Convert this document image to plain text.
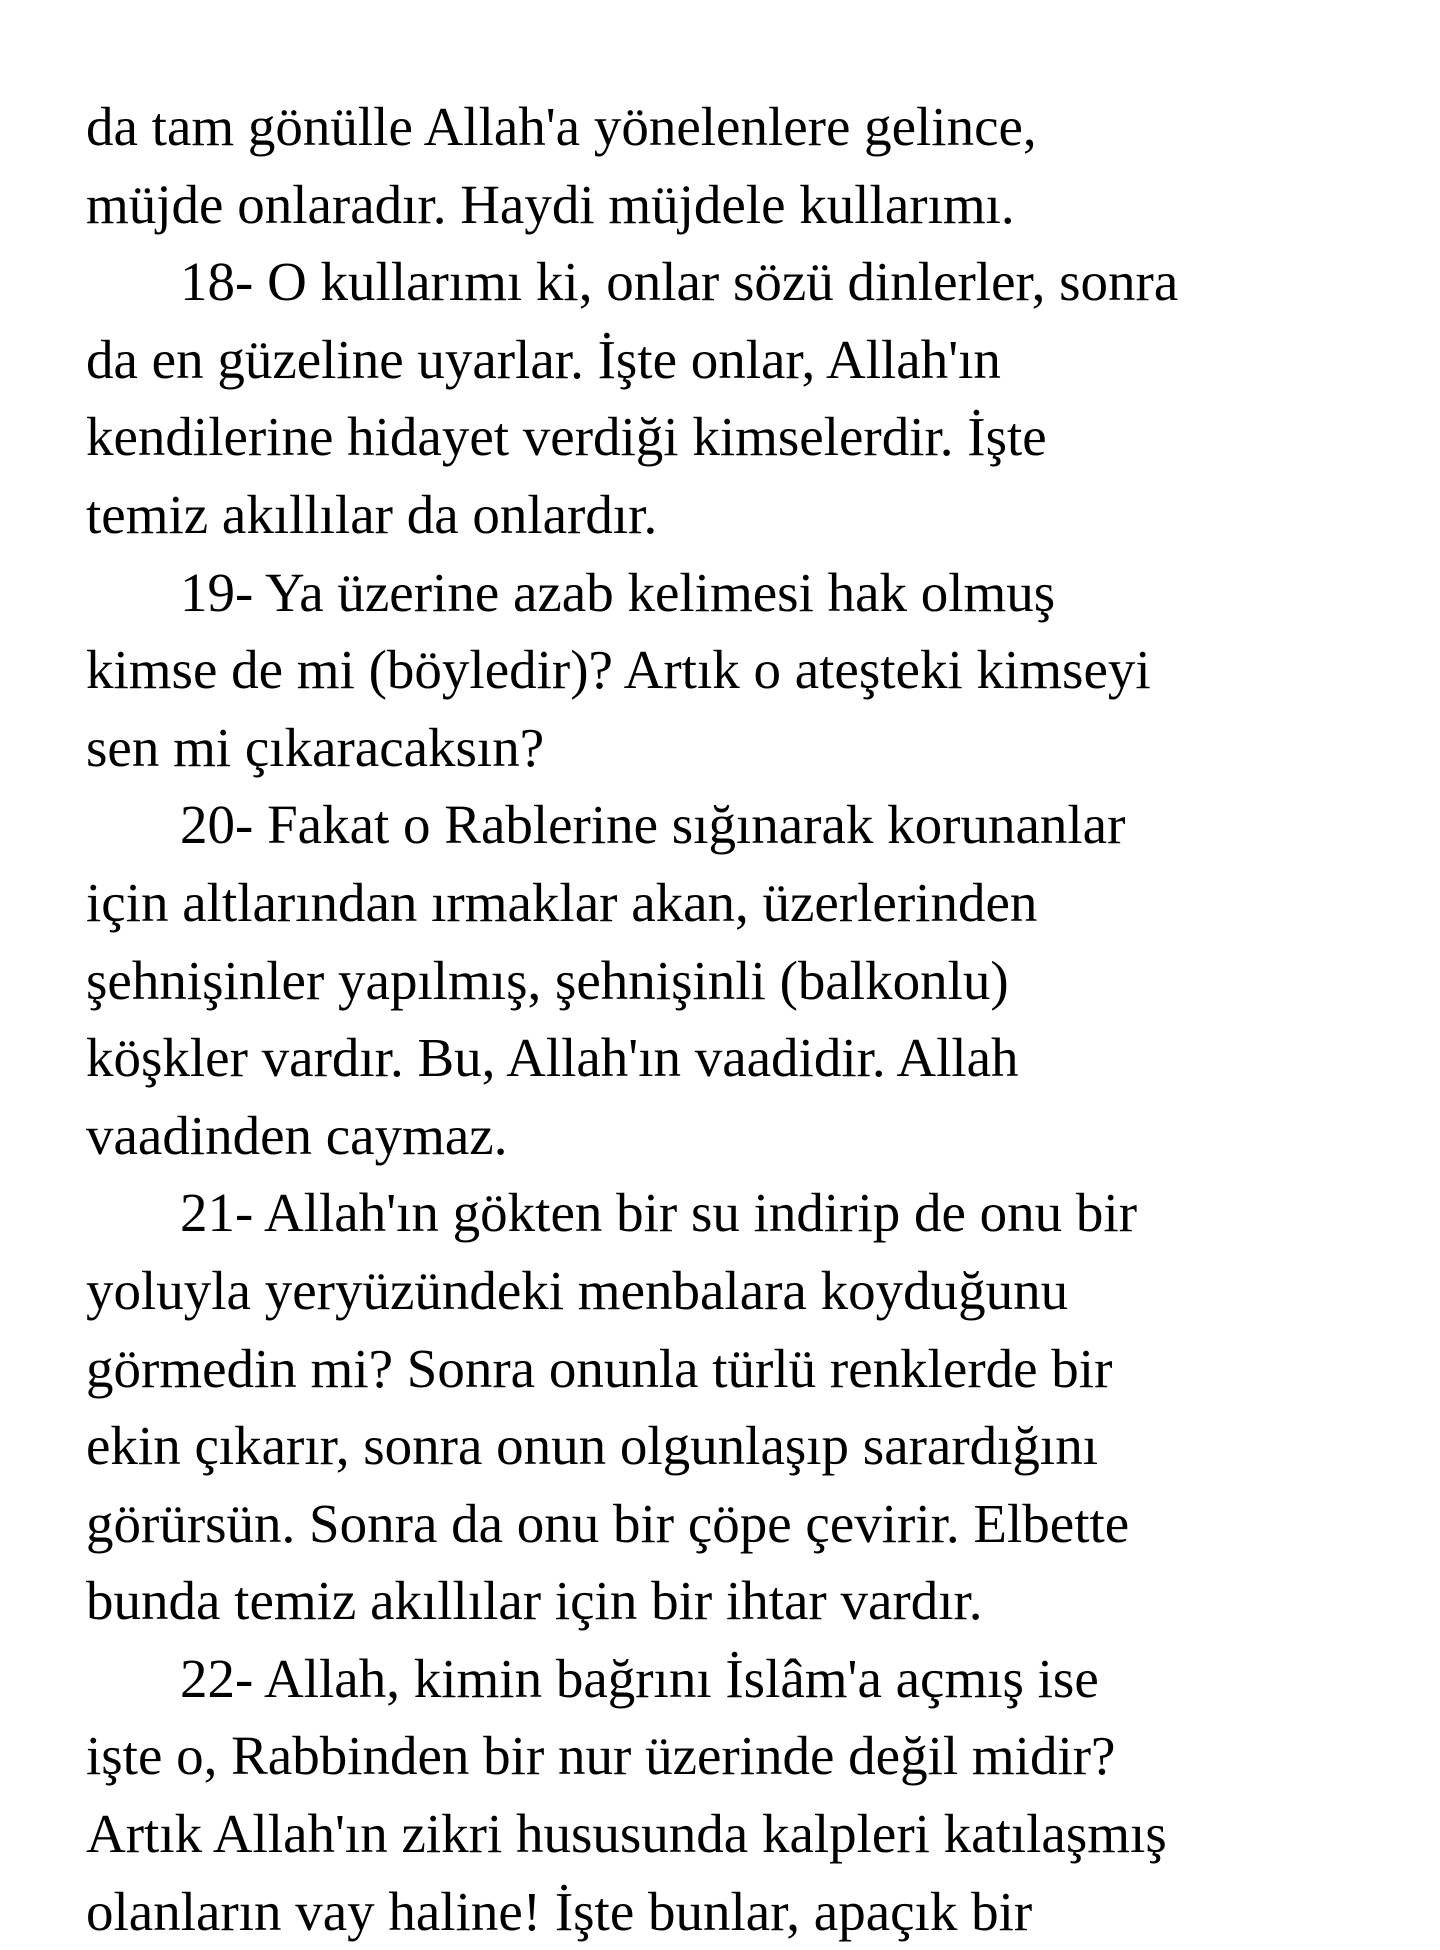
da tam gönülle Allah'a yönelenlere gelince,
müjde onlaradır. Haydi müjdele kullarımı.
18- O kullarımı ki, onlar sözü dinlerler, sonra
da en güzeline uyarlar. İşte onlar, Allah'ın
kendilerine hidayet verdiği kimselerdir. İşte
temiz akıllılar da onlardır.
19- Ya üzerine azab kelimesi hak olmuş
kimse de mi (böyledir)? Artık o ateşteki kimseyi
sen mi çıkaracaksın?
20- Fakat o Rablerine sığınarak korunanlar
için altlarından ırmaklar akan, üzerlerinden
şehnişinler yapılmış, şehnişinli (balkonlu)
köşkler vardır. Bu, Allah'ın vaadidir. Allah
vaadinden caymaz.
21- Allah'ın gökten bir su indirip de onu bir
yoluyla yeryüzündeki menbalara koyduğunu
görmedin mi? Sonra onunla türlü renklerde bir
ekin çıkarır, sonra onun olgunlaşıp sarardığını
görürsün. Sonra da onu bir çöpe çevirir. Elbette
bunda temiz akıllılar için bir ihtar vardır.
22- Allah, kimin bağrını İslâm'a açmış ise
işte o, Rabbinden bir nur üzerinde değil midir?
Artık Allah'ın zikri hususunda kalpleri katılaşmış
olanların vay haline! İşte bunlar, apaçık bir
